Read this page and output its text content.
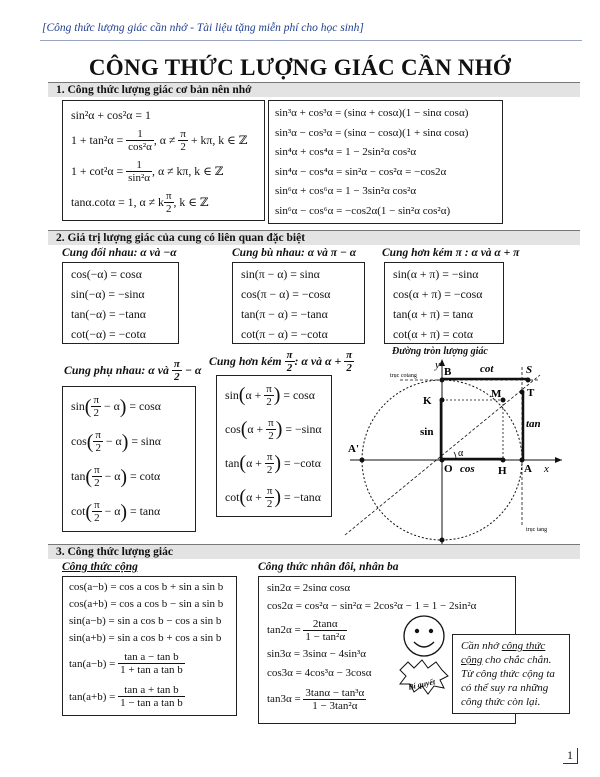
[Công thức lượng giác cần nhớ - Tài liệu tặng miễn phí cho học sinh]
CÔNG THỨC LƯỢNG GIÁC CẦN NHỚ
1. Công thức lượng giác cơ bản nên nhớ
sin²α + cos²α = 1
1 + tan²α =
$\frac{1}{\text{cos²α}}$ , α ≠
$\frac{\pi}{2}$
+ kπ, k ∈ ℤ
1 + cot²α =
$\frac{1}{\text{sin²α}}$ , α ≠ kπ, k ∈ ℤ
tanα.cotα = 1, α ≠ k $\frac{\pi}{2}$ , k ∈ ℤ
sin³α + cos³α = (sinα + cosα)(1 − sinα cosα)
sin³α − cos³α = (sinα − cosα)(1 + sinα cosα)
sin⁴α + cos⁴α = 1 − 2sin²α cos²α
sin⁴α − cos⁴α = sin²α − cos²α = −cos2α
sin⁶α + cos⁶α = 1 − 3sin²α cos²α
sin⁶α − cos⁶α = −cos2α(1 − sin²α cos²α)
2. Giá trị lượng giác của cung có liên quan đặc biệt
Cung đối nhau: α và −α
cos(−α) = cosα
sin(−α) = −sinα
tan(−α) = −tanα
cot(−α) = −cotα
Cung bù nhau: α và π − α
sin(π − α) = sinα
cos(π − α) = −cosα
tan(π − α) = −tanα
cot(π − α) = −cotα
Cung hơn kém π : α và α + π
sin(α + π) = −sinα
cos(α + π) = −cosα
tan(α + π) = tanα
cot(α + π) = cotα
Cung phụ nhau: α và
$\frac{\pi}{2}$
− α
sin ( $\frac{\pi}{2}$
− α )
= cosα
cos ( $\frac{\pi}{2}$
− α )
= sinα
tan ( $\frac{\pi}{2}$
− α )
= cotα
cot ( $\frac{\pi}{2}$
− α )
= tanα
Cung hơn kém
$\frac{\pi}{2}$ : α và α +
$\frac{\pi}{2}$
sin ( α +
$\frac{\pi}{2}$ )
= cosα
cos ( α +
$\frac{\pi}{2}$ )
= −sinα
tan ( α +
$\frac{\pi}{2}$ )
= −cotα
cot ( α +
$\frac{\pi}{2}$ )
= −tanα
Đường tròn lượng giác
y
x
B	S
cot
T
K
M
sin
tan
A'	α
O cos H A
trục cotang
trục tang
3. Công thức lượng giác
Công thức cộng
cos(a−b) = cos a cos b + sin a sin b
cos(a+b) = cos a cos b − sin a sin b
sin(a−b) = sin a cos b − cos a sin b
sin(a+b) = sin a cos b + cos a sin b
tan(a−b) =
$\frac{\text{tan a − tan b}}{\text{1 + tan a tan b}}$
tan(a+b) =
$\frac{\text{tan a + tan b}}{\text{1 − tan a tan b}}$
Công thức nhân đôi, nhân ba
sin2α = 2sinα cosα
cos2α = cos²α − sin²α = 2cos²α − 1 = 1 − 2sin²α
tan2α =
$\frac{2\tan\alpha}{\text{1 − tan²α}}$
sin3α = 3sinα − 4sin³α
cos3α = 4cos³α − 3cosα
tan3α =
$\frac{\text{3tanα − tan³α}}{\text{1 − 3tan²α}}$
Bí quyết
Cần nhớ công thức cộng cho chắc chắn. Từ công thức cộng ta có thể suy ra những công thức còn lại.
1
